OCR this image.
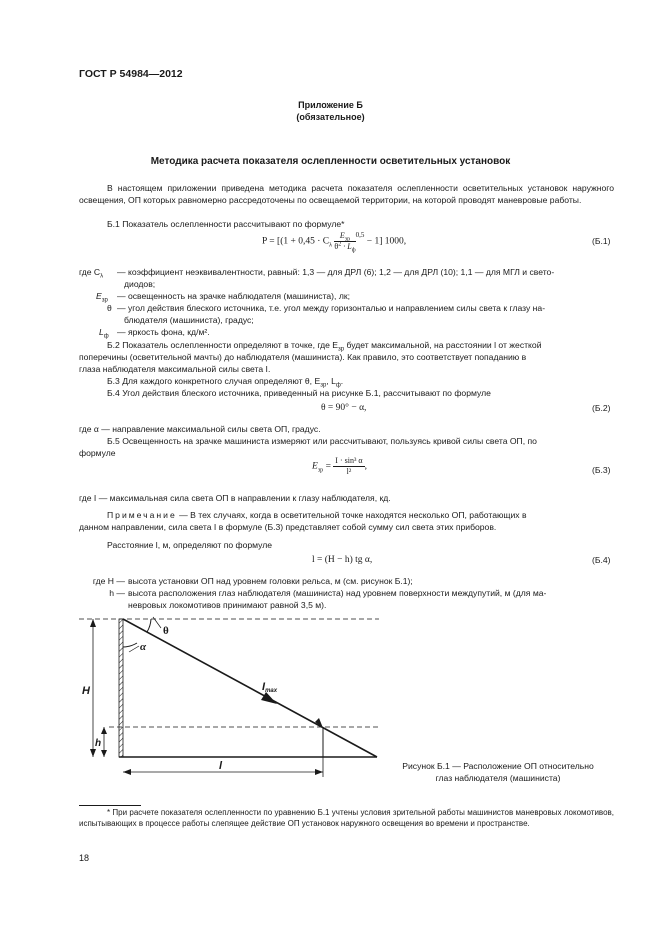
ГОСТ Р 54984—2012
Приложение Б
(обязательное)
Методика расчета показателя ослепленности осветительных установок
В настоящем приложении приведена методика расчета показателя ослепленности осветительных установок наружного освещения, ОП которых равномерно рассредоточены по освещаемой территории, на которой проводят маневровые работы.
Б.1 Показатель ослепленности рассчитывают по формуле*
$P = [(1 + 0,45 \cdot C_\lambda \frac{E_{зр}}{\theta^2 \cdot L_ф} ^{0,5} - 1]$ 1000,	(Б.1)
где $C_\lambda$ — коэффициент неэквивалентности, равный: 1,3 — для ДРЛ (6); 1,2 — для ДРЛ (10); 1,1 — для МГЛ и свето-
диодов;
$E_{зр}$ — освещенность на зрачке наблюдателя (машиниста), лк;
θ — угол действия блеского источника, т.е. угол между горизонталью и направлением силы света к глазу на-
блюдателя (машиниста), градус;
$L_ф$ — яркость фона, кд/м².
Б.2 Показатель ослепленности определяют в точке, где $E_{зр}$ будет максимальной, на расстоянии l от жесткой
поперечины (осветительной мачты) до наблюдателя (машиниста). Как правило, это соответствует попаданию в
глаза наблюдателя максимальной силы света I.
Б.3 Для каждого конкретного случая определяют θ, $E_{зр}$, $L_ф$.
Б.4 Угол действия блеского источника, приведенный на рисунке Б.1, рассчитывают по формуле
θ = 90° − α,	(Б.2)
где α — направление максимальной силы света ОП, градус.
Б.5 Освещенность на зрачке машиниста измеряют или рассчитывают, пользуясь кривой силы света ОП, по
формуле
$E_{зр} = \frac{\text{I · sin³ α}}{\text{l²}}$ ,	(Б.3)
где I — максимальная сила света ОП в направлении к глазу наблюдателя, кд.
Примечание — В тех случаях, когда в осветительной точке находятся несколько ОП, работающих в
данном направлении, сила света I в формуле (Б.3) представляет собой сумму сил света этих приборов.
Расстояние l, м, определяют по формуле
l = (H − h) tg α,	(Б.4)
где H — высота установки ОП над уровнем головки рельса, м (см. рисунок Б.1);
h — высота расположения глаз наблюдателя (машиниста) над уровнем поверхности междупутий, м (для ма-
невровых локомотивов принимают равной 3,5 м).
H
h
l
θ
α
Imax
Рисунок Б.1 — Расположение ОП относительно
глаз наблюдателя (машиниста)
* При расчете показателя ослепленности по уравнению Б.1 учтены условия зрительной работы машинистов маневровых локомотивов, испытывающих в процессе работы слепящее действие ОП установок наружного освещения во времени и пространстве.
18
